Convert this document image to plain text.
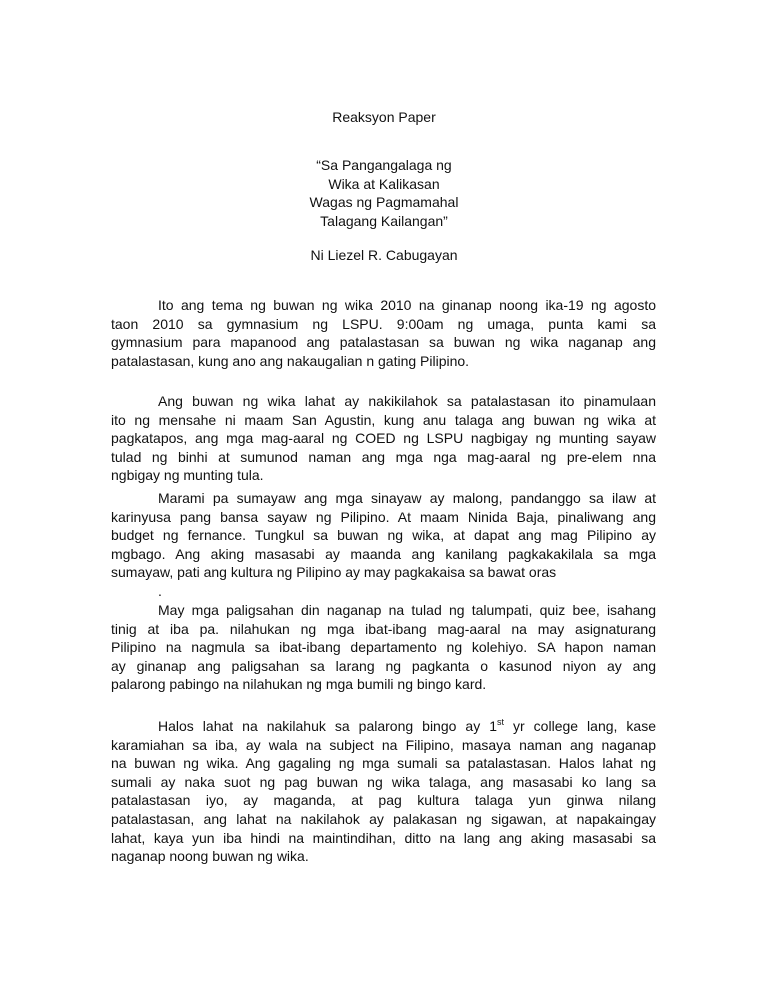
Reaksyon Paper
“Sa Pangangalaga ng
Wika at Kalikasan
Wagas ng Pagmamahal
Talagang Kailangan”
Ni Liezel R. Cabugayan
Ito ang tema ng buwan ng wika 2010 na ginanap noong ika-19 ng agosto
taon 2010 sa gymnasium ng LSPU. 9:00am ng umaga, punta kami sa
gymnasium para mapanood ang patalastasan sa buwan ng wika naganap ang
patalastasan, kung ano ang nakaugalian n gating Pilipino.
Ang buwan ng wika lahat ay nakikilahok sa patalastasan ito pinamulaan
ito ng mensahe ni maam San Agustin, kung anu talaga ang buwan ng wika at
pagkatapos, ang mga mag-aaral ng COED ng LSPU nagbigay ng munting sayaw
tulad ng binhi at sumunod naman ang mga nga mag-aaral ng pre-elem nna
ngbigay ng munting tula.
Marami pa sumayaw ang mga sinayaw ay malong, pandanggo sa ilaw at
karinyusa pang bansa sayaw ng Pilipino. At maam Ninida Baja, pinaliwang ang
budget ng fernance. Tungkul sa buwan ng wika, at dapat ang mag Pilipino ay
mgbago. Ang aking masasabi ay maanda ang kanilang pagkakakilala sa mga
sumayaw, pati ang kultura ng Pilipino ay may pagkakaisa sa bawat oras
.
May mga paligsahan din naganap na tulad ng talumpati, quiz bee, isahang
tinig at iba pa. nilahukan ng mga ibat-ibang mag-aaral na may asignaturang
Pilipino na nagmula sa ibat-ibang departamento ng kolehiyo. SA hapon naman
ay ginanap ang paligsahan sa larang ng pagkanta o kasunod niyon ay ang
palarong pabingo na nilahukan ng mga bumili ng bingo kard.
Halos lahat na nakilahuk sa palarong bingo ay 1st yr college lang, kase
karamiahan sa iba, ay wala na subject na Filipino, masaya naman ang naganap
na buwan ng wika. Ang gagaling ng mga sumali sa patalastasan. Halos lahat ng
sumali ay naka suot ng pag buwan ng wika talaga, ang masasabi ko lang sa
patalastasan iyo, ay maganda, at pag kultura talaga yun ginwa nilang
patalastasan, ang lahat na nakilahok ay palakasan ng sigawan, at napakaingay
lahat, kaya yun iba hindi na maintindihan, ditto na lang ang aking masasabi sa
naganap noong buwan ng wika.
